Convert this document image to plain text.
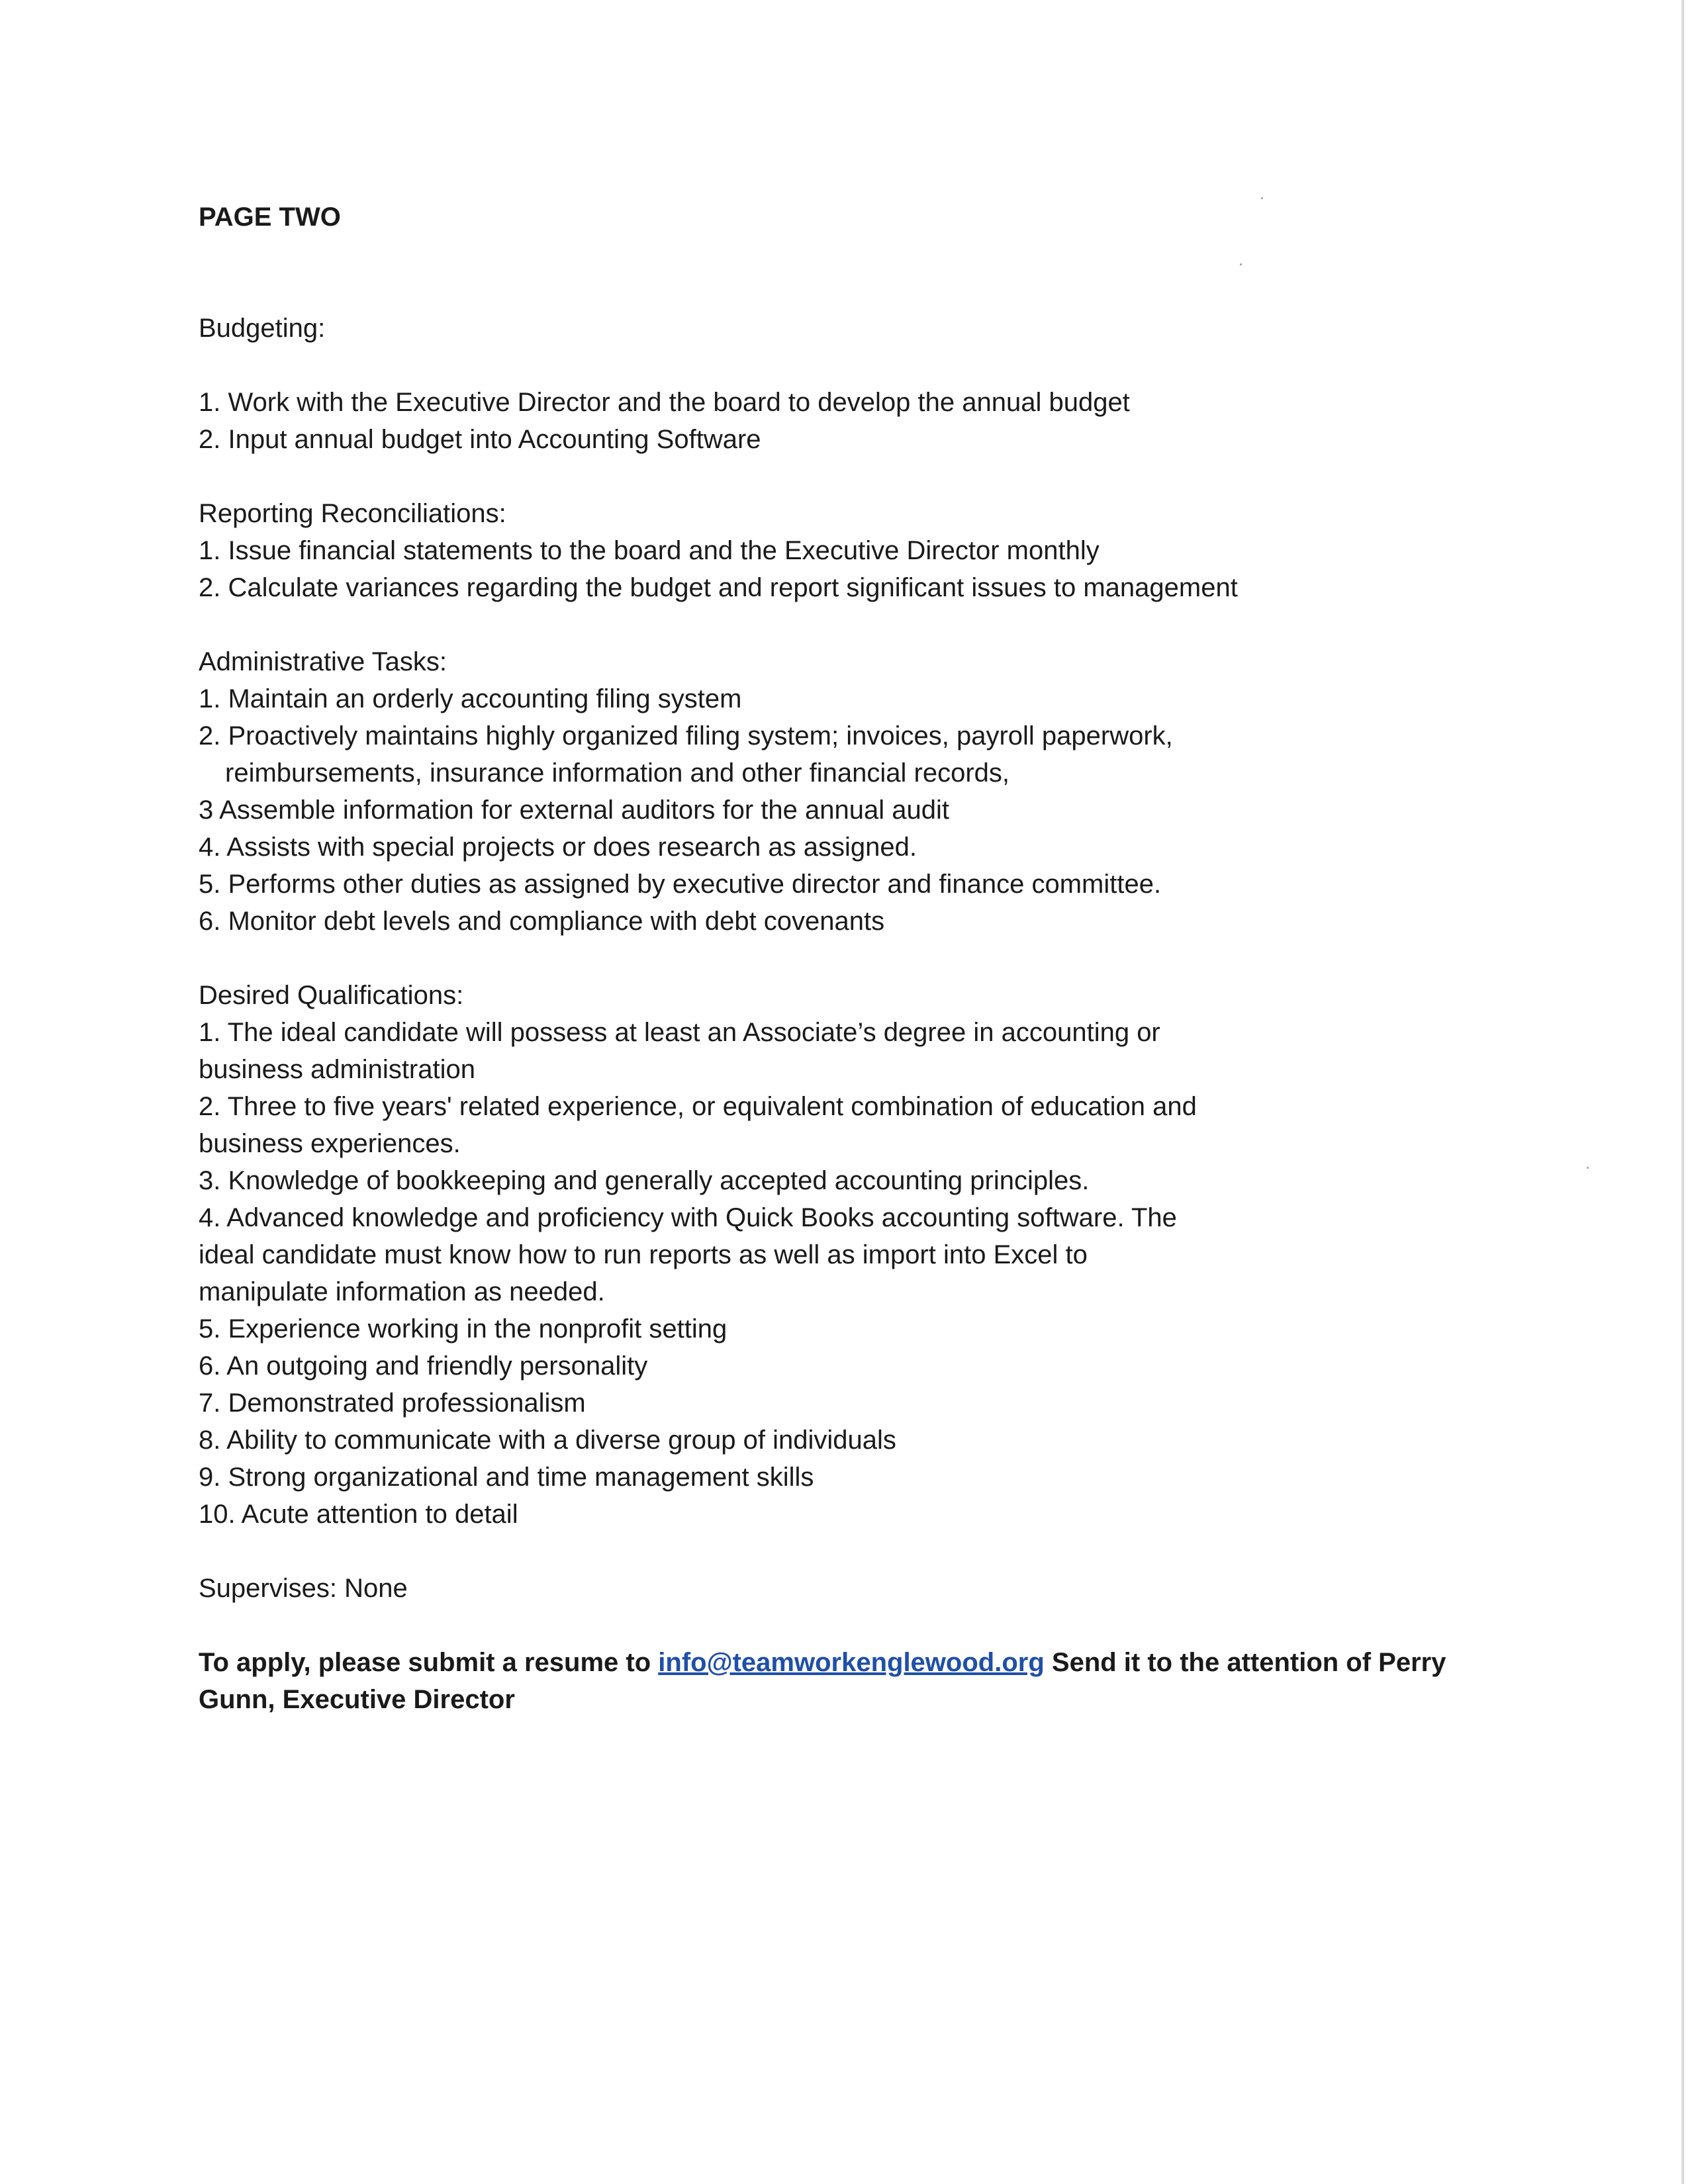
PAGE TWO

Budgeting:

1. Work with the Executive Director and the board to develop the annual budget

2. Input annual budget into Accounting Software

Reporting Reconciliations:

1. Issue financial statements to the board and the Executive Director monthly

2. Calculate variances regarding the budget and report significant issues to management

Administrative Tasks:

1. Maintain an orderly accounting filing system

2. Proactively maintains highly organized filing system; invoices, payroll paperwork,

reimbursements, insurance information and other financial records,

3 Assemble information for external auditors for the annual audit

4. Assists with special projects or does research as assigned.

5. Performs other duties as assigned by executive director and finance committee.

6. Monitor debt levels and compliance with debt covenants

Desired Qualifications:

1. The ideal candidate will possess at least an Associate’s degree in accounting or

business administration

2. Three to five years' related experience, or equivalent combination of education and

business experiences.

3. Knowledge of bookkeeping and generally accepted accounting principles.

4. Advanced knowledge and proficiency with Quick Books accounting software. The

ideal candidate must know how to run reports as well as import into Excel to

manipulate information as needed.

5. Experience working in the nonprofit setting

6. An outgoing and friendly personality

7. Demonstrated professionalism

8. Ability to communicate with a diverse group of individuals

9. Strong organizational and time management skills

10. Acute attention to detail

Supervises: None

To apply, please submit a resume to info@teamworkenglewood.org Send it to the attention of Perry

Gunn, Executive Director
